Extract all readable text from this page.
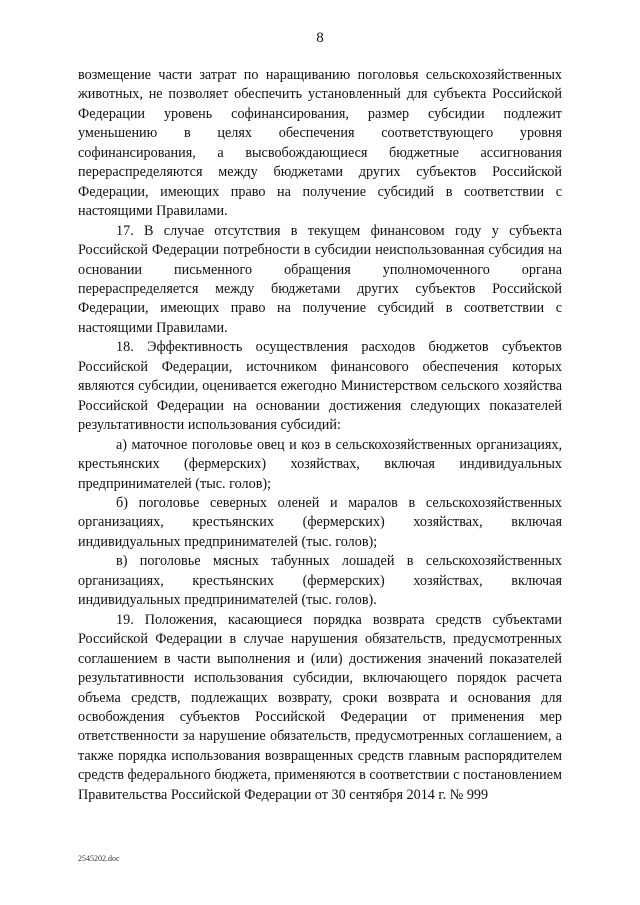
8

возмещение части затрат по наращиванию поголовья сельскохозяйственных животных, не позволяет обеспечить установленный для субъекта Российской Федерации уровень софинансирования, размер субсидии подлежит уменьшению в целях обеспечения соответствующего уровня софинансирования, а высвобождающиеся бюджетные ассигнования перераспределяются между бюджетами других субъектов Российской Федерации, имеющих право на получение субсидий в соответствии с настоящими Правилами.

17. В случае отсутствия в текущем финансовом году у субъекта Российской Федерации потребности в субсидии неиспользованная субсидия на основании письменного обращения уполномоченного органа перераспределяется между бюджетами других субъектов Российской Федерации, имеющих право на получение субсидий в соответствии с настоящими Правилами.

18. Эффективность осуществления расходов бюджетов субъектов Российской Федерации, источником финансового обеспечения которых являются субсидии, оценивается ежегодно Министерством сельского хозяйства Российской Федерации на основании достижения следующих показателей результативности использования субсидий:

а) маточное поголовье овец и коз в сельскохозяйственных организациях, крестьянских (фермерских) хозяйствах, включая индивидуальных предпринимателей (тыс. голов);

б) поголовье северных оленей и маралов в сельскохозяйственных организациях, крестьянских (фермерских) хозяйствах, включая индивидуальных предпринимателей (тыс. голов);

в) поголовье мясных табунных лошадей в сельскохозяйственных организациях, крестьянских (фермерских) хозяйствах, включая индивидуальных предпринимателей (тыс. голов).

19. Положения, касающиеся порядка возврата средств субъектами Российской Федерации в случае нарушения обязательств, предусмотренных соглашением в части выполнения и (или) достижения значений показателей результативности использования субсидии, включающего порядок расчета объема средств, подлежащих возврату, сроки возврата и основания для освобождения субъектов Российской Федерации от применения мер ответственности за нарушение обязательств, предусмотренных соглашением, а также порядка использования возвращенных средств главным распорядителем средств федерального бюджета, применяются в соответствии с постановлением Правительства Российской Федерации от 30 сентября 2014 г. № 999

2545202.doc
